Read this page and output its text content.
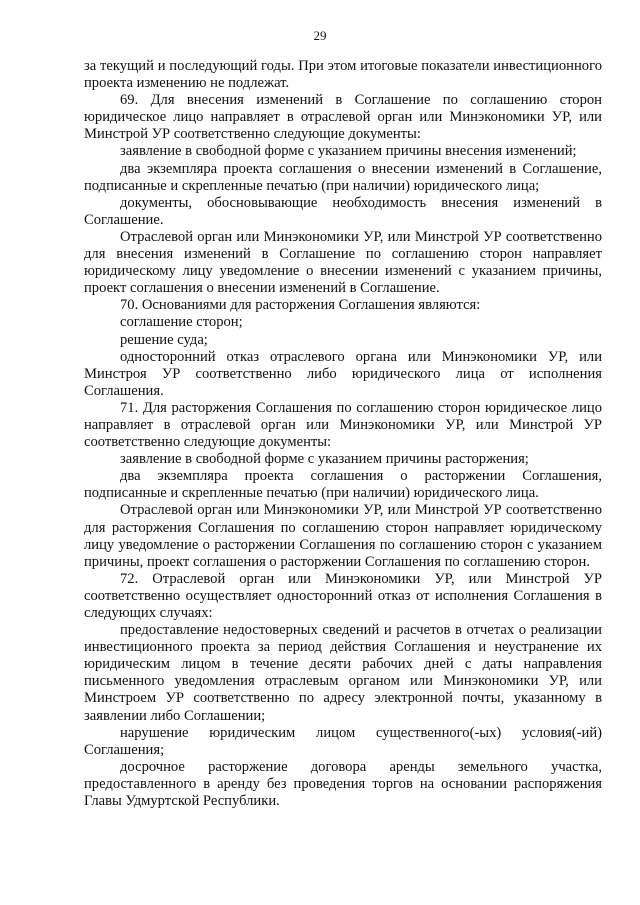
29

за текущий и последующий годы. При этом итоговые показатели инвестиционного проекта изменению не подлежат.

69. Для внесения изменений в Соглашение по соглашению сторон юридическое лицо направляет в отраслевой орган или Минэкономики УР, или Минстрой УР соответственно следующие документы:

заявление в свободной форме с указанием причины внесения изменений;

два экземпляра проекта соглашения о внесении изменений в Соглашение, подписанные и скрепленные печатью (при наличии) юридического лица;

документы, обосновывающие необходимость внесения изменений в Соглашение.

Отраслевой орган или Минэкономики УР, или Минстрой УР соответственно для внесения изменений в Соглашение по соглашению сторон направляет юридическому лицу уведомление о внесении изменений с указанием причины, проект соглашения о внесении изменений в Соглашение.

70. Основаниями для расторжения Соглашения являются:

соглашение сторон;

решение суда;

односторонний отказ отраслевого органа или Минэкономики УР, или Минстроя УР соответственно либо юридического лица от исполнения Соглашения.

71. Для расторжения Соглашения по соглашению сторон юридическое лицо направляет в отраслевой орган или Минэкономики УР, или Минстрой УР соответственно следующие документы:

заявление в свободной форме с указанием причины расторжения;

два экземпляра проекта соглашения о расторжении Соглашения, подписанные и скрепленные печатью (при наличии) юридического лица.

Отраслевой орган или Минэкономики УР, или Минстрой УР соответственно для расторжения Соглашения по соглашению сторон направляет юридическому лицу уведомление о расторжении Соглашения по соглашению сторон с указанием причины, проект соглашения о расторжении Соглашения по соглашению сторон.

72. Отраслевой орган или Минэкономики УР, или Минстрой УР соответственно осуществляет односторонний отказ от исполнения Соглашения в следующих случаях:

предоставление недостоверных сведений и расчетов в отчетах о реализации инвестиционного проекта за период действия Соглашения и неустранение их юридическим лицом в течение десяти рабочих дней с даты направления письменного уведомления отраслевым органом или Минэкономики УР, или Минстроем УР соответственно по адресу электронной почты, указанному в заявлении либо Соглашении;

нарушение юридическим лицом существенного(-ых) условия(-ий) Соглашения;

досрочное расторжение договора аренды земельного участка, предоставленного в аренду без проведения торгов на основании распоряжения Главы Удмуртской Республики.
